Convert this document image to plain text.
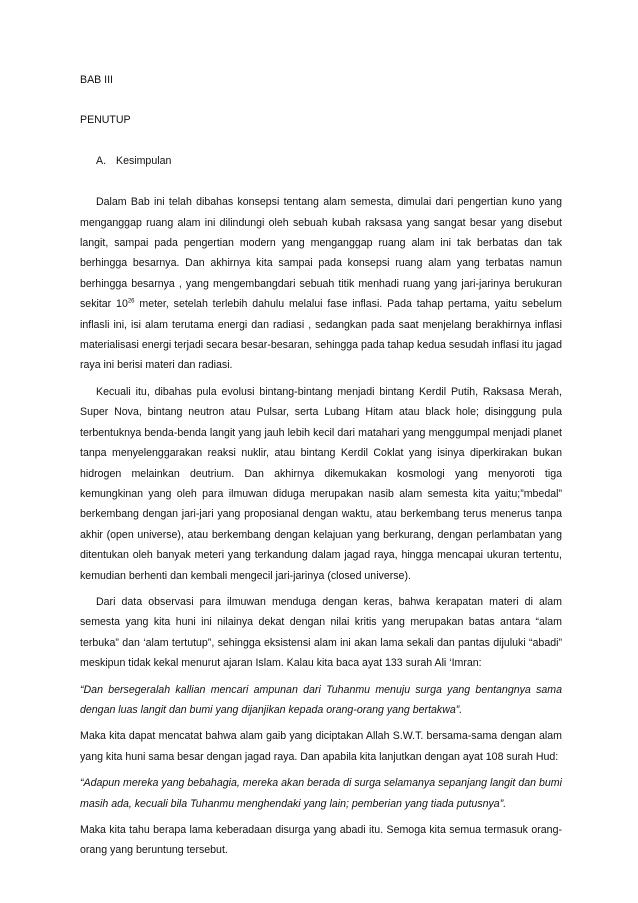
BAB III

PENUTUP

A. Kesimpulan

Dalam Bab ini telah dibahas konsepsi tentang alam semesta, dimulai dari pengertian kuno yang menganggap ruang alam ini dilindungi oleh sebuah kubah raksasa yang sangat besar yang disebut langit, sampai pada pengertian modern yang menganggap ruang alam ini tak berbatas dan tak berhingga besarnya. Dan akhirnya kita sampai pada konsepsi ruang alam yang terbatas namun berhingga besarnya , yang mengembangdari sebuah titik menhadi ruang yang jari-jarinya berukuran sekitar $10^{26}$ meter, setelah terlebih dahulu melalui fase inflasi. Pada tahap pertama, yaitu sebelum inflasli ini, isi alam terutama energi dan radiasi , sedangkan pada saat menjelang berakhirnya inflasi materialisasi energi terjadi secara besar-besaran, sehingga pada tahap kedua sesudah inflasi itu jagad raya ini berisi materi dan radiasi.

Kecuali itu, dibahas pula evolusi bintang-bintang menjadi bintang Kerdil Putih, Raksasa Merah, Super Nova, bintang neutron atau Pulsar, serta Lubang Hitam atau black hole; disinggung pula terbentuknya benda-benda langit yang jauh lebih kecil dari matahari yang menggumpal menjadi planet tanpa menyelenggarakan reaksi nuklir, atau bintang Kerdil Coklat yang isinya diperkirakan bukan hidrogen melainkan deutrium. Dan akhirnya dikemukakan kosmologi yang menyoroti tiga kemungkinan yang oleh para ilmuwan diduga merupakan nasib alam semesta kita yaitu;”mbedal” berkembang dengan jari-jari yang proposianal dengan waktu, atau berkembang terus menerus tanpa akhir (open universe), atau berkembang dengan kelajuan yang berkurang, dengan perlambatan yang ditentukan oleh banyak meteri yang terkandung dalam jagad raya, hingga mencapai ukuran tertentu, kemudian berhenti dan kembali mengecil jari-jarinya (closed universe).

Dari data observasi para ilmuwan menduga dengan keras, bahwa kerapatan materi di alam semesta yang kita huni ini nilainya dekat dengan nilai kritis yang merupakan batas antara “alam terbuka” dan ‘alam tertutup”, sehingga eksistensi alam ini akan lama sekali dan pantas dijuluki “abadi” meskipun tidak kekal menurut ajaran Islam. Kalau kita baca ayat 133 surah Ali ‘Imran:

“Dan bersegeralah kallian mencari ampunan dari Tuhanmu menuju surga yang bentangnya sama dengan luas langit dan bumi yang dijanjikan kepada orang-orang yang bertakwa”.

Maka kita dapat mencatat bahwa alam gaib yang diciptakan Allah S.W.T. bersama-sama dengan alam yang kita huni sama besar dengan jagad raya. Dan apabila kita lanjutkan dengan ayat 108 surah Hud:

“Adapun mereka yang bebahagia, mereka akan berada di surga selamanya sepanjang langit dan bumi masih ada, kecuali bila Tuhanmu menghendaki yang lain; pemberian yang tiada putusnya”.

Maka kita tahu berapa lama keberadaan disurga yang abadi itu. Semoga kita semua termasuk orang-orang yang beruntung tersebut.
